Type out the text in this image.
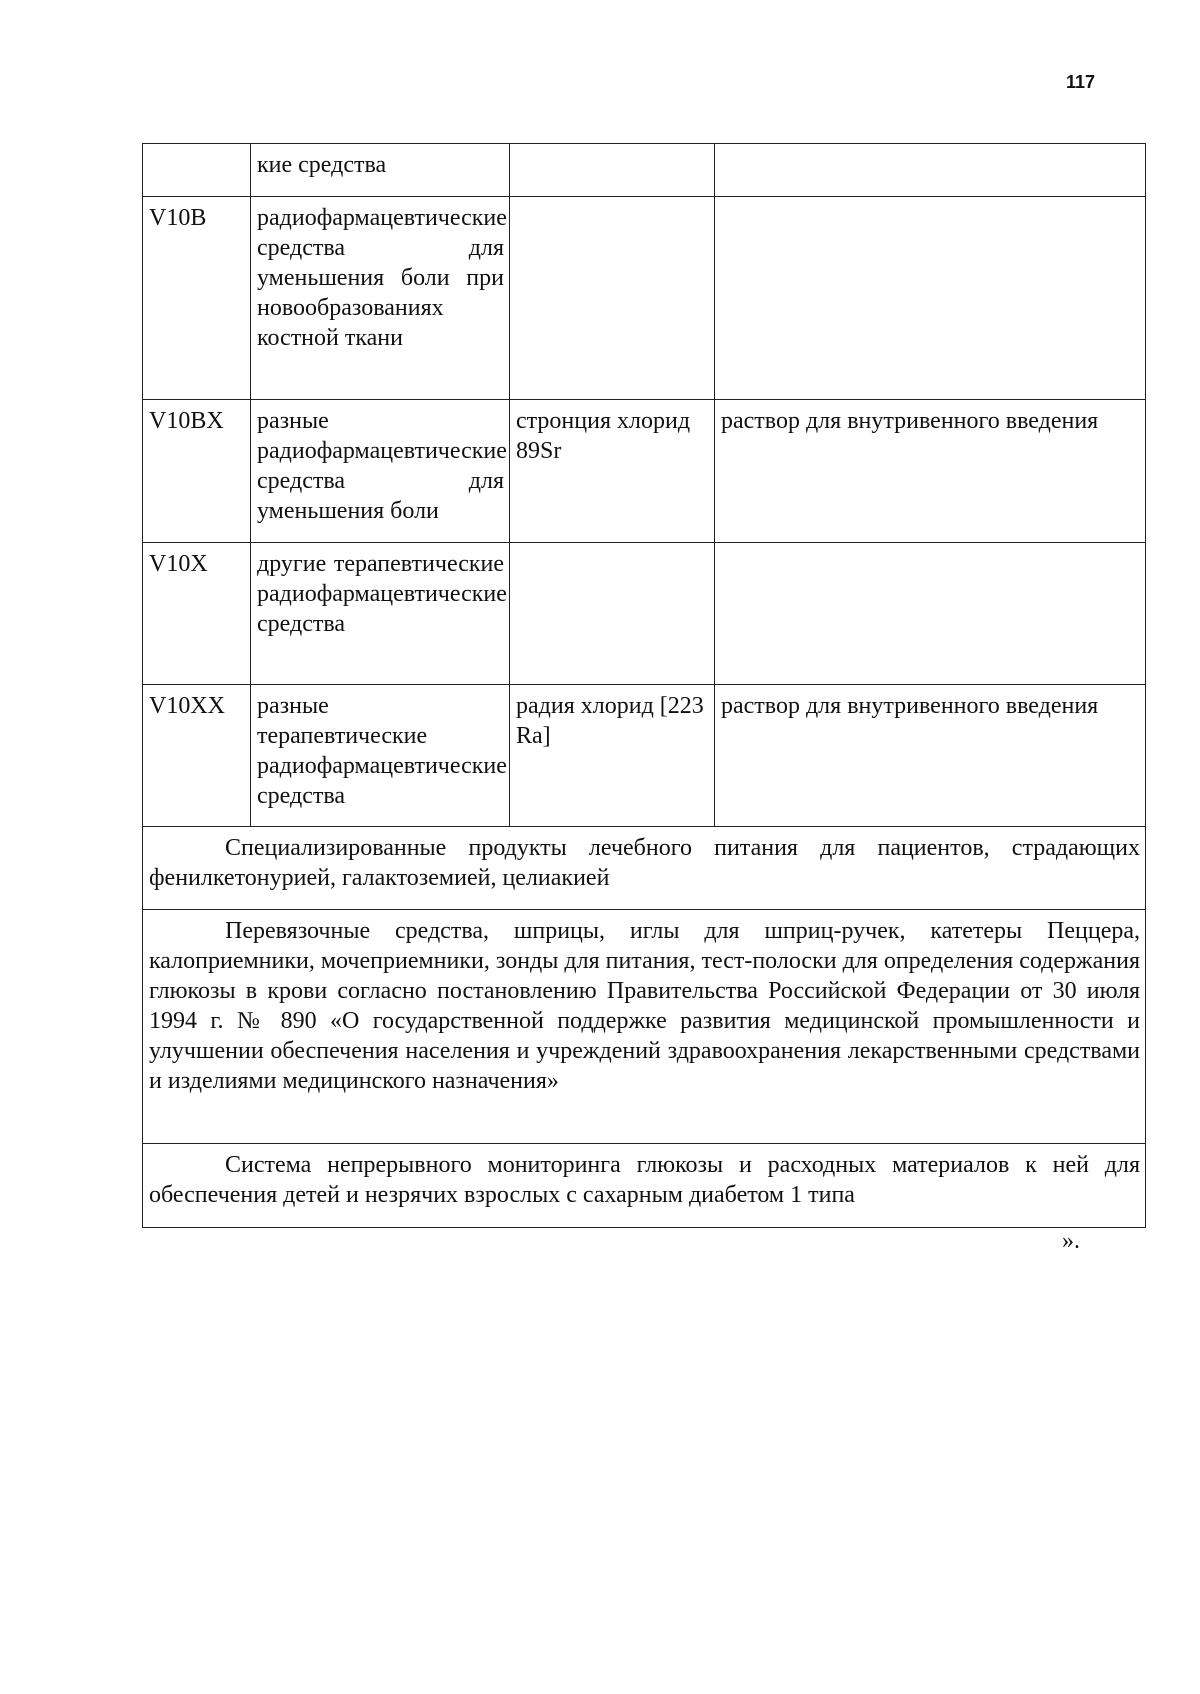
117
	кие средства		
V10B	радиофармацевтические средства для уменьшения боли при новообразованиях костной ткани		
V10BX	разные радиофармацевтические средства для уменьшения боли	стронция хлорид 89Sr	раствор для внутривенного введения
V10X	другие терапевтические радиофармацевтические средства		
V10XX	разные терапевтические радиофармацевтические средства	радия хлорид [223 Ra]	раствор для внутривенного введения

Специализированные продукты лечебного питания для пациентов, страдающих фенилкетонурией, галактоземией, целиакией			

Перевязочные средства, шприцы, иглы для шприц-ручек, катетеры Пеццера, калоприемники, мочеприемники, зонды для питания, тест-полоски для определения содержания глюкозы в крови согласно постановлению Правительства Российской Федерации от 30 июля 1994 г. № 890 «О государственной поддержке развития медицинской промышленности и улучшении обеспечения населения и учреждений здравоохранения лекарственными средствами и изделиями медицинского назначения»			

Система непрерывного мониторинга глюкозы и расходных материалов к ней для обеспечения детей и незрячих взрослых с сахарным диабетом 1 типа			

».
